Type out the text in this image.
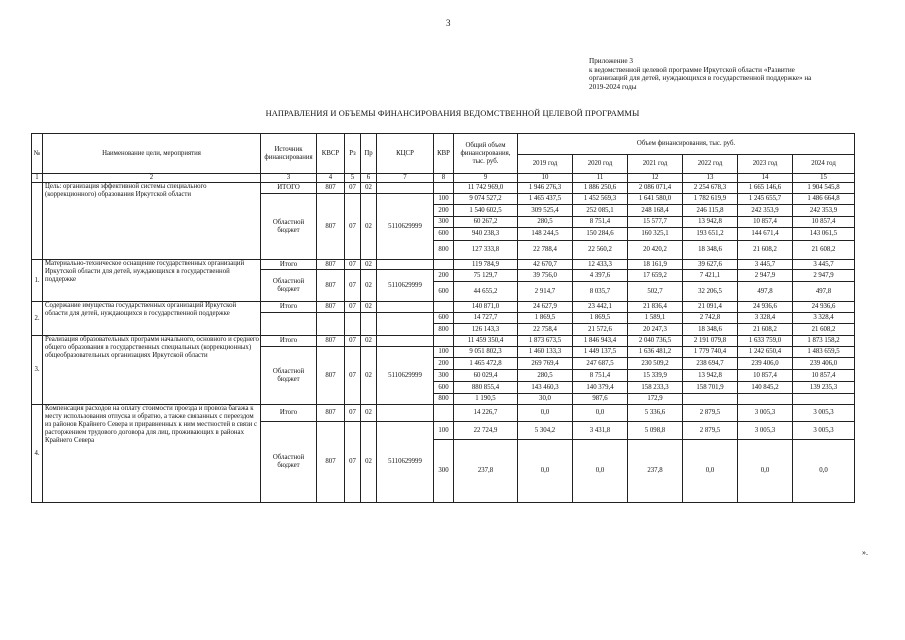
3
Приложение 3
к ведомственной целевой программе Иркутской области «Развитие
организаций для детей, нуждающихся в государственной поддержке» на
2019-2024 годы
НАПРАВЛЕНИЯ И ОБЪЕМЫ ФИНАНСИРОВАНИЯ ВЕДОМСТВЕННОЙ ЦЕЛЕВОЙ ПРОГРАММЫ
№	Наименование цели, мероприятия	Источник финансирования	КВСР	Рз	Пр	КЦСР	КВР	Общий объем финансирования, тыс. руб.	Объем финансирования, тыс. руб.					
									2019 год	2020 год	2021 год	2022 год	2023 год	2024 год
1	2	3	4	5	6	7	8	9	10	11	12	13	14	15
	Цель: организация эффективной системы специального (коррекционного) образования Иркутской области	ИТОГО	807	07	02			11 742 969,0	1 946 276,3	1 886 250,6	2 086 071,4	2 254 678,3	1 665 146,6	1 904 545,8
		Областной бюджет	807	07	02	5110629999	100	9 074 527,2	1 465 437,5	1 452 569,3	1 641 580,0	1 782 619,9	1 245 655,7	1 486 664,8
							200	1 540 602,5	309 525,4	252 085,1	248 168,4	246 115,8	242 353,9	242 353,9
							300	60 267,2	280,5	8 751,4	15 577,7	13 942,8	10 857,4	10 857,4
							600	940 238,3	148 244,5	150 284,6	160 325,1	193 651,2	144 671,4	143 061,5
							800	127 333,8	22 788,4	22 560,2	20 420,2	18 348,6	21 608,2	21 608,2
1.	Материально-техническое оснащение государственных организаций Иркутской области для детей, нуждающихся в государственной поддержке	Итого	807	07	02			119 784,9	42 670,7	12 433,3	18 161,9	39 627,6	3 445,7	3 445,7
		Областной бюджет	807	07	02	5110629999	200	75 129,7	39 756,0	4 397,6	17 659,2	7 421,1	2 947,9	2 947,9
							600	44 655,2	2 914,7	8 035,7	502,7	32 206,5	497,8	497,8
2.	Содержание имущества государственных организаций Иркутской области для детей, нуждающихся в государственной поддержке	Итого	807	07	02			140 871,0	24 627,9	23 442,1	21 836,4	21 091,4	24 936,6	24 936,6
							600	14 727,7	1 869,5	1 869,5	1 589,1	2 742,8	3 328,4	3 328,4
							800	126 143,3	22 758,4	21 572,6	20 247,3	18 348,6	21 608,2	21 608,2
3.	Реализация образовательных программ начального, основного и среднего общего образования в государственных специальных (коррекционных) общеобразовательных организациях Иркутской области	Итого	807	07	02			11 459 350,4	1 873 673,5	1 846 943,4	2 040 736,5	2 191 079,8	1 633 759,0	1 873 158,2
		Областной бюджет	807	07	02	5110629999	100	9 051 802,3	1 460 133,3	1 449 137,5	1 636 481,2	1 779 740,4	1 242 650,4	1 483 659,5
							200	1 465 472,8	269 769,4	247 687,5	230 509,2	238 694,7	239 406,0	239 406,0
							300	60 029,4	280,5	8 751,4	15 339,9	13 942,8	10 857,4	10 857,4
							600	880 855,4	143 460,3	140 379,4	158 233,3	158 701,9	140 845,2	139 235,3
							800	1 190,5	30,0	987,6	172,9			
4.	Компенсация расходов на оплату стоимости проезда и провоза багажа к месту использования отпуска и обратно, а также связанных с переездом из районов Крайнего Севера и приравненных к ним местностей в связи с расторжением трудового договора для лиц, проживающих в районах Крайнего Севера	Итого	807	07	02			14 226,7	0,0	0,0	5 336,6	2 879,5	3 005,3	3 005,3
		Областной бюджет	807	07	02	5110629999	100	22 724,9	5 304,2	3 431,8	5 098,8	2 879,5	3 005,3	3 005,3
							300	237,8	0,0	0,0	237,8	0,0	0,0	0,0
».
